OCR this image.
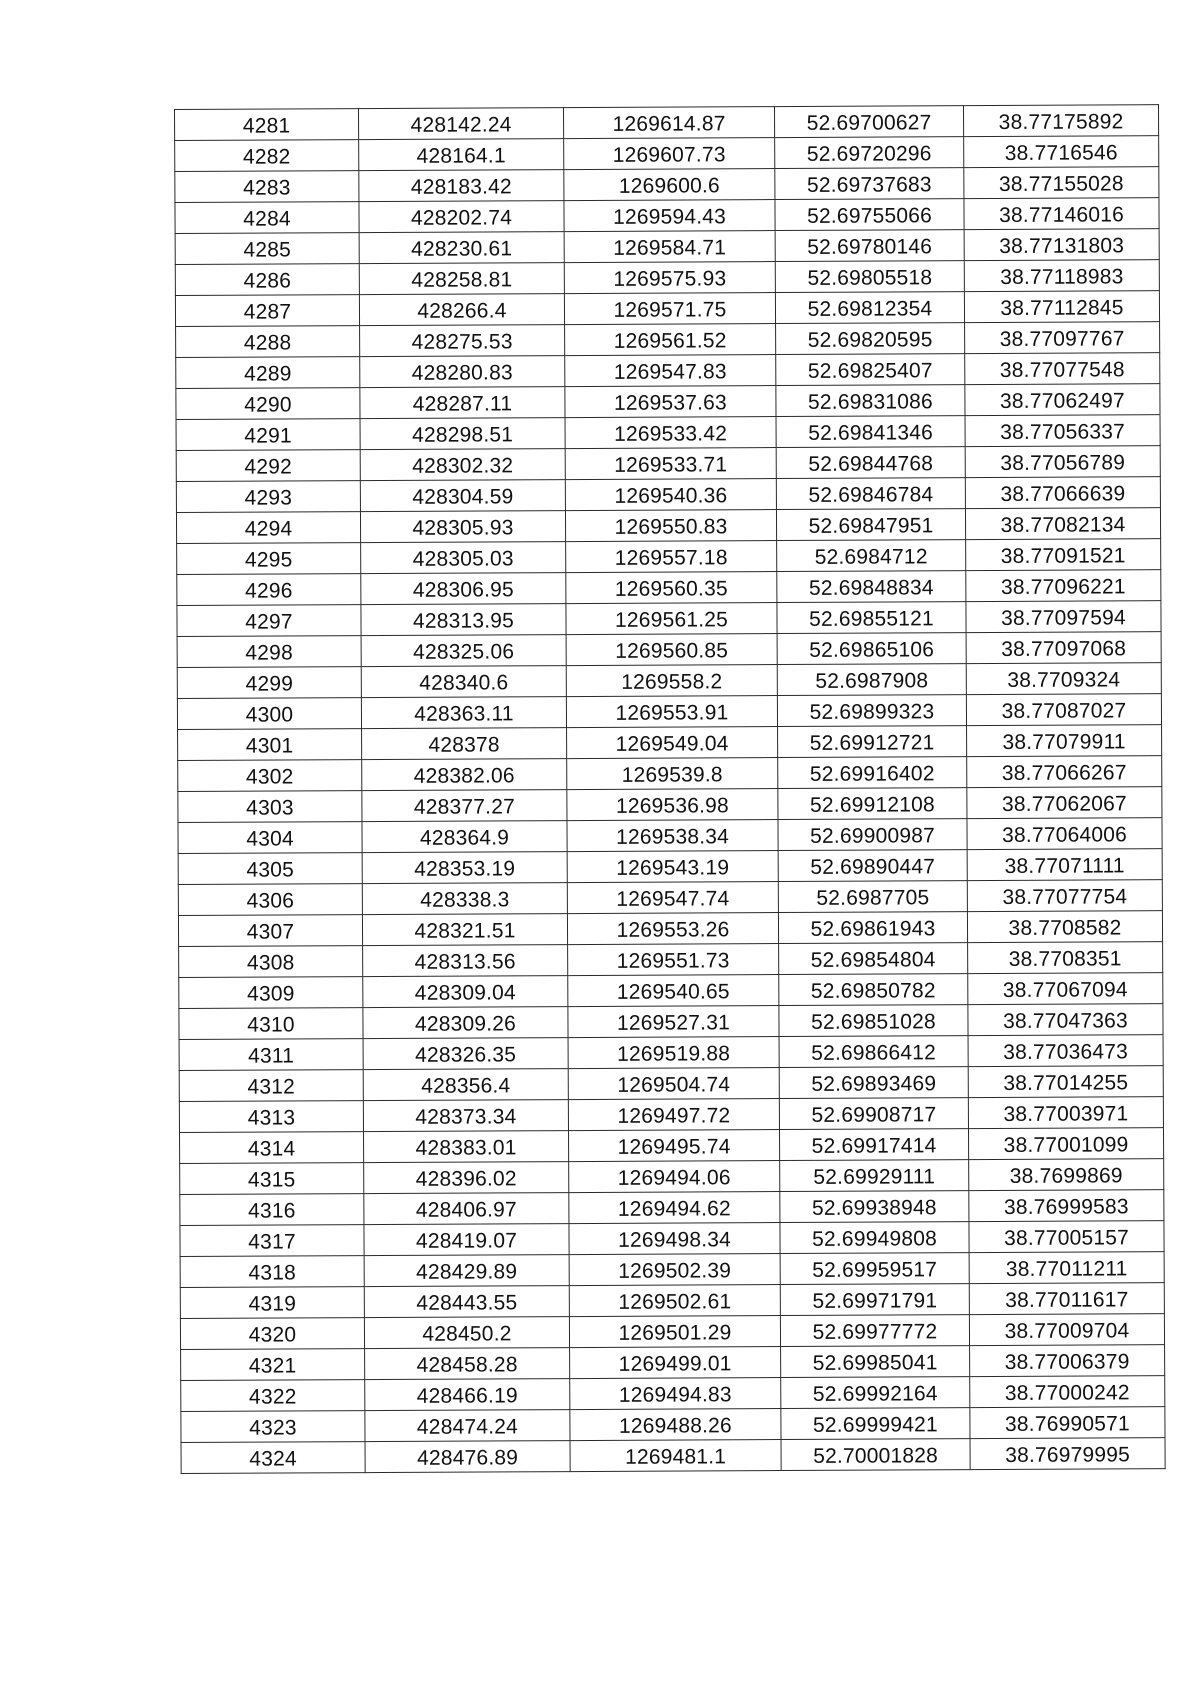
4281	428142.24	1269614.87	52.69700627	38.77175892
4282	428164.1	1269607.73	52.69720296	38.7716546
4283	428183.42	1269600.6	52.69737683	38.77155028
4284	428202.74	1269594.43	52.69755066	38.77146016
4285	428230.61	1269584.71	52.69780146	38.77131803
4286	428258.81	1269575.93	52.69805518	38.77118983
4287	428266.4	1269571.75	52.69812354	38.77112845
4288	428275.53	1269561.52	52.69820595	38.77097767
4289	428280.83	1269547.83	52.69825407	38.77077548
4290	428287.11	1269537.63	52.69831086	38.77062497
4291	428298.51	1269533.42	52.69841346	38.77056337
4292	428302.32	1269533.71	52.69844768	38.77056789
4293	428304.59	1269540.36	52.69846784	38.77066639
4294	428305.93	1269550.83	52.69847951	38.77082134
4295	428305.03	1269557.18	52.6984712	38.77091521
4296	428306.95	1269560.35	52.69848834	38.77096221
4297	428313.95	1269561.25	52.69855121	38.77097594
4298	428325.06	1269560.85	52.69865106	38.77097068
4299	428340.6	1269558.2	52.6987908	38.7709324
4300	428363.11	1269553.91	52.69899323	38.77087027
4301	428378	1269549.04	52.69912721	38.77079911
4302	428382.06	1269539.8	52.69916402	38.77066267
4303	428377.27	1269536.98	52.69912108	38.77062067
4304	428364.9	1269538.34	52.69900987	38.77064006
4305	428353.19	1269543.19	52.69890447	38.77071111
4306	428338.3	1269547.74	52.6987705	38.77077754
4307	428321.51	1269553.26	52.69861943	38.7708582
4308	428313.56	1269551.73	52.69854804	38.7708351
4309	428309.04	1269540.65	52.69850782	38.77067094
4310	428309.26	1269527.31	52.69851028	38.77047363
4311	428326.35	1269519.88	52.69866412	38.77036473
4312	428356.4	1269504.74	52.69893469	38.77014255
4313	428373.34	1269497.72	52.69908717	38.77003971
4314	428383.01	1269495.74	52.69917414	38.77001099
4315	428396.02	1269494.06	52.69929111	38.7699869
4316	428406.97	1269494.62	52.69938948	38.76999583
4317	428419.07	1269498.34	52.69949808	38.77005157
4318	428429.89	1269502.39	52.69959517	38.77011211
4319	428443.55	1269502.61	52.69971791	38.77011617
4320	428450.2	1269501.29	52.69977772	38.77009704
4321	428458.28	1269499.01	52.69985041	38.77006379
4322	428466.19	1269494.83	52.69992164	38.77000242
4323	428474.24	1269488.26	52.69999421	38.76990571
4324	428476.89	1269481.1	52.70001828	38.76979995
